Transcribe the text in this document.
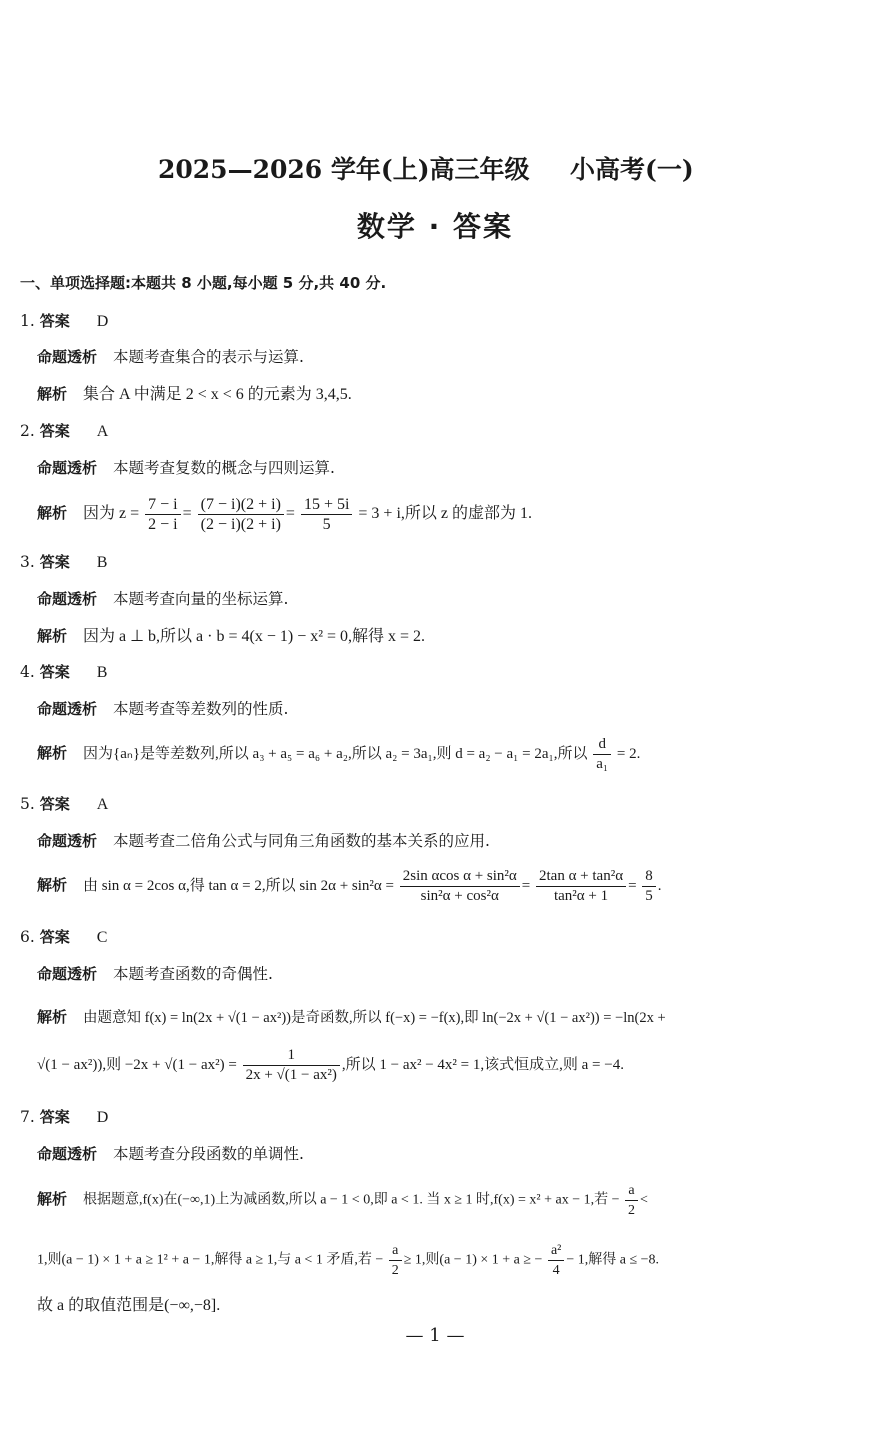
2025—2026 学年(上)高三年级 小高考(一)
数学 · 答案
一、单项选择题:本题共 8 小题,每小题 5 分,共 40 分.
1. 答案 D
命题透析 本题考查集合的表示与运算.
解析 集合 A 中满足 2 < x < 6 的元素为 3,4,5.
2. 答案 A
命题透析 本题考查复数的概念与四则运算.
解析 因为 $z = \frac{7 - i}{2 - i} = \frac{(7 - i)(2 + i)}{(2 - i)(2 + i)} = \frac{15 + 5i}{5} = 3 + i$,所以 z 的虚部为 1.
3. 答案 B
命题透析 本题考查向量的坐标运算.
解析 因为 a ⊥ b,所以 a · b = 4(x − 1) − x² = 0,解得 x = 2.
4. 答案 B
命题透析 本题考查等差数列的性质.
解析 因为{aₙ}是等差数列,所以 a₃ + a₅ = a₆ + a₂,所以 a₂ = 3a₁,则 d = a₂ − a₁ = 2a₁,所以 $\frac{d}{\text{a₁}} = 2$.
5. 答案 A
命题透析 本题考查二倍角公式与同角三角函数的基本关系的应用.
解析 由 sin α = 2cos α,得 tan α = 2,所以 $\sin 2\alpha + \sin^2\alpha = \frac{\text{2sin αcos α + sin²α}}{\text{sin²α + cos²α}} = \frac{\text{2tan α + tan²α}}{\text{tan²α + 1}} = \frac{8}{5}$ .
6. 答案 C
命题透析 本题考查函数的奇偶性.
解析 由题意知 f(x) = ln(2x + √(1 − ax²))是奇函数,所以 f(−x) = −f(x),即 ln(−2x + √(1 − ax²)) = −ln(2x +
√(1 − ax²)),则 $-2x + √(1 - ax^2) = \frac{1}{\text{2x + √(1 − ax²)}}$ ,所以 1 − ax² − 4x² = 1,该式恒成立,则 a = −4.
7. 答案 D
命题透析 本题考查分段函数的单调性.
解析 根据题意,f(x)在(−∞,1)上为减函数,所以 a − 1 < 0,即 a < 1. 当 x ≥ 1 时,f(x) = x² + ax − 1,若 − $\frac{a}{2}$ <
1,则(a − 1) × 1 + a ≥ 1² + a − 1,解得 a ≥ 1,与 a < 1 矛盾,若 − $\frac{a}{2} \ge 1$,则(a − 1) × 1 + a ≥ − $\frac{\text{a²}}{4} - 1$,解得 a ≤ −8.
故 a 的取值范围是(−∞,−8].
— 1 —
